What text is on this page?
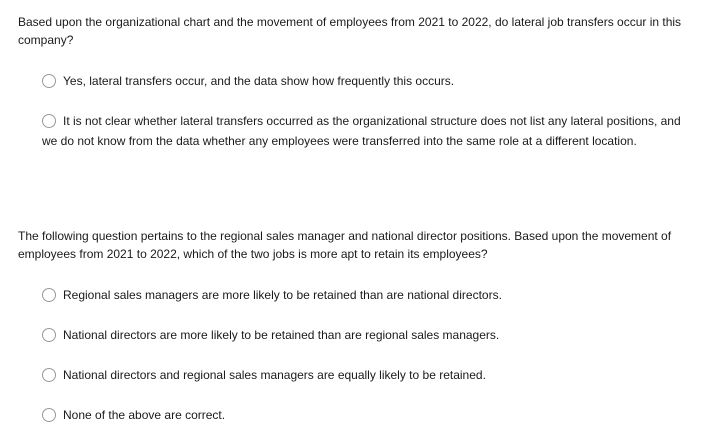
Based upon the organizational chart and the movement of employees from 2021 to 2022, do lateral job transfers occur in this company?
Yes, lateral transfers occur, and the data show how frequently this occurs.
It is not clear whether lateral transfers occurred as the organizational structure does not list any lateral positions, and we do not know from the data whether any employees were transferred into the same role at a different location.
The following question pertains to the regional sales manager and national director positions. Based upon the movement of employees from 2021 to 2022, which of the two jobs is more apt to retain its employees?
Regional sales managers are more likely to be retained than are national directors.
National directors are more likely to be retained than are regional sales managers.
National directors and regional sales managers are equally likely to be retained.
None of the above are correct.
